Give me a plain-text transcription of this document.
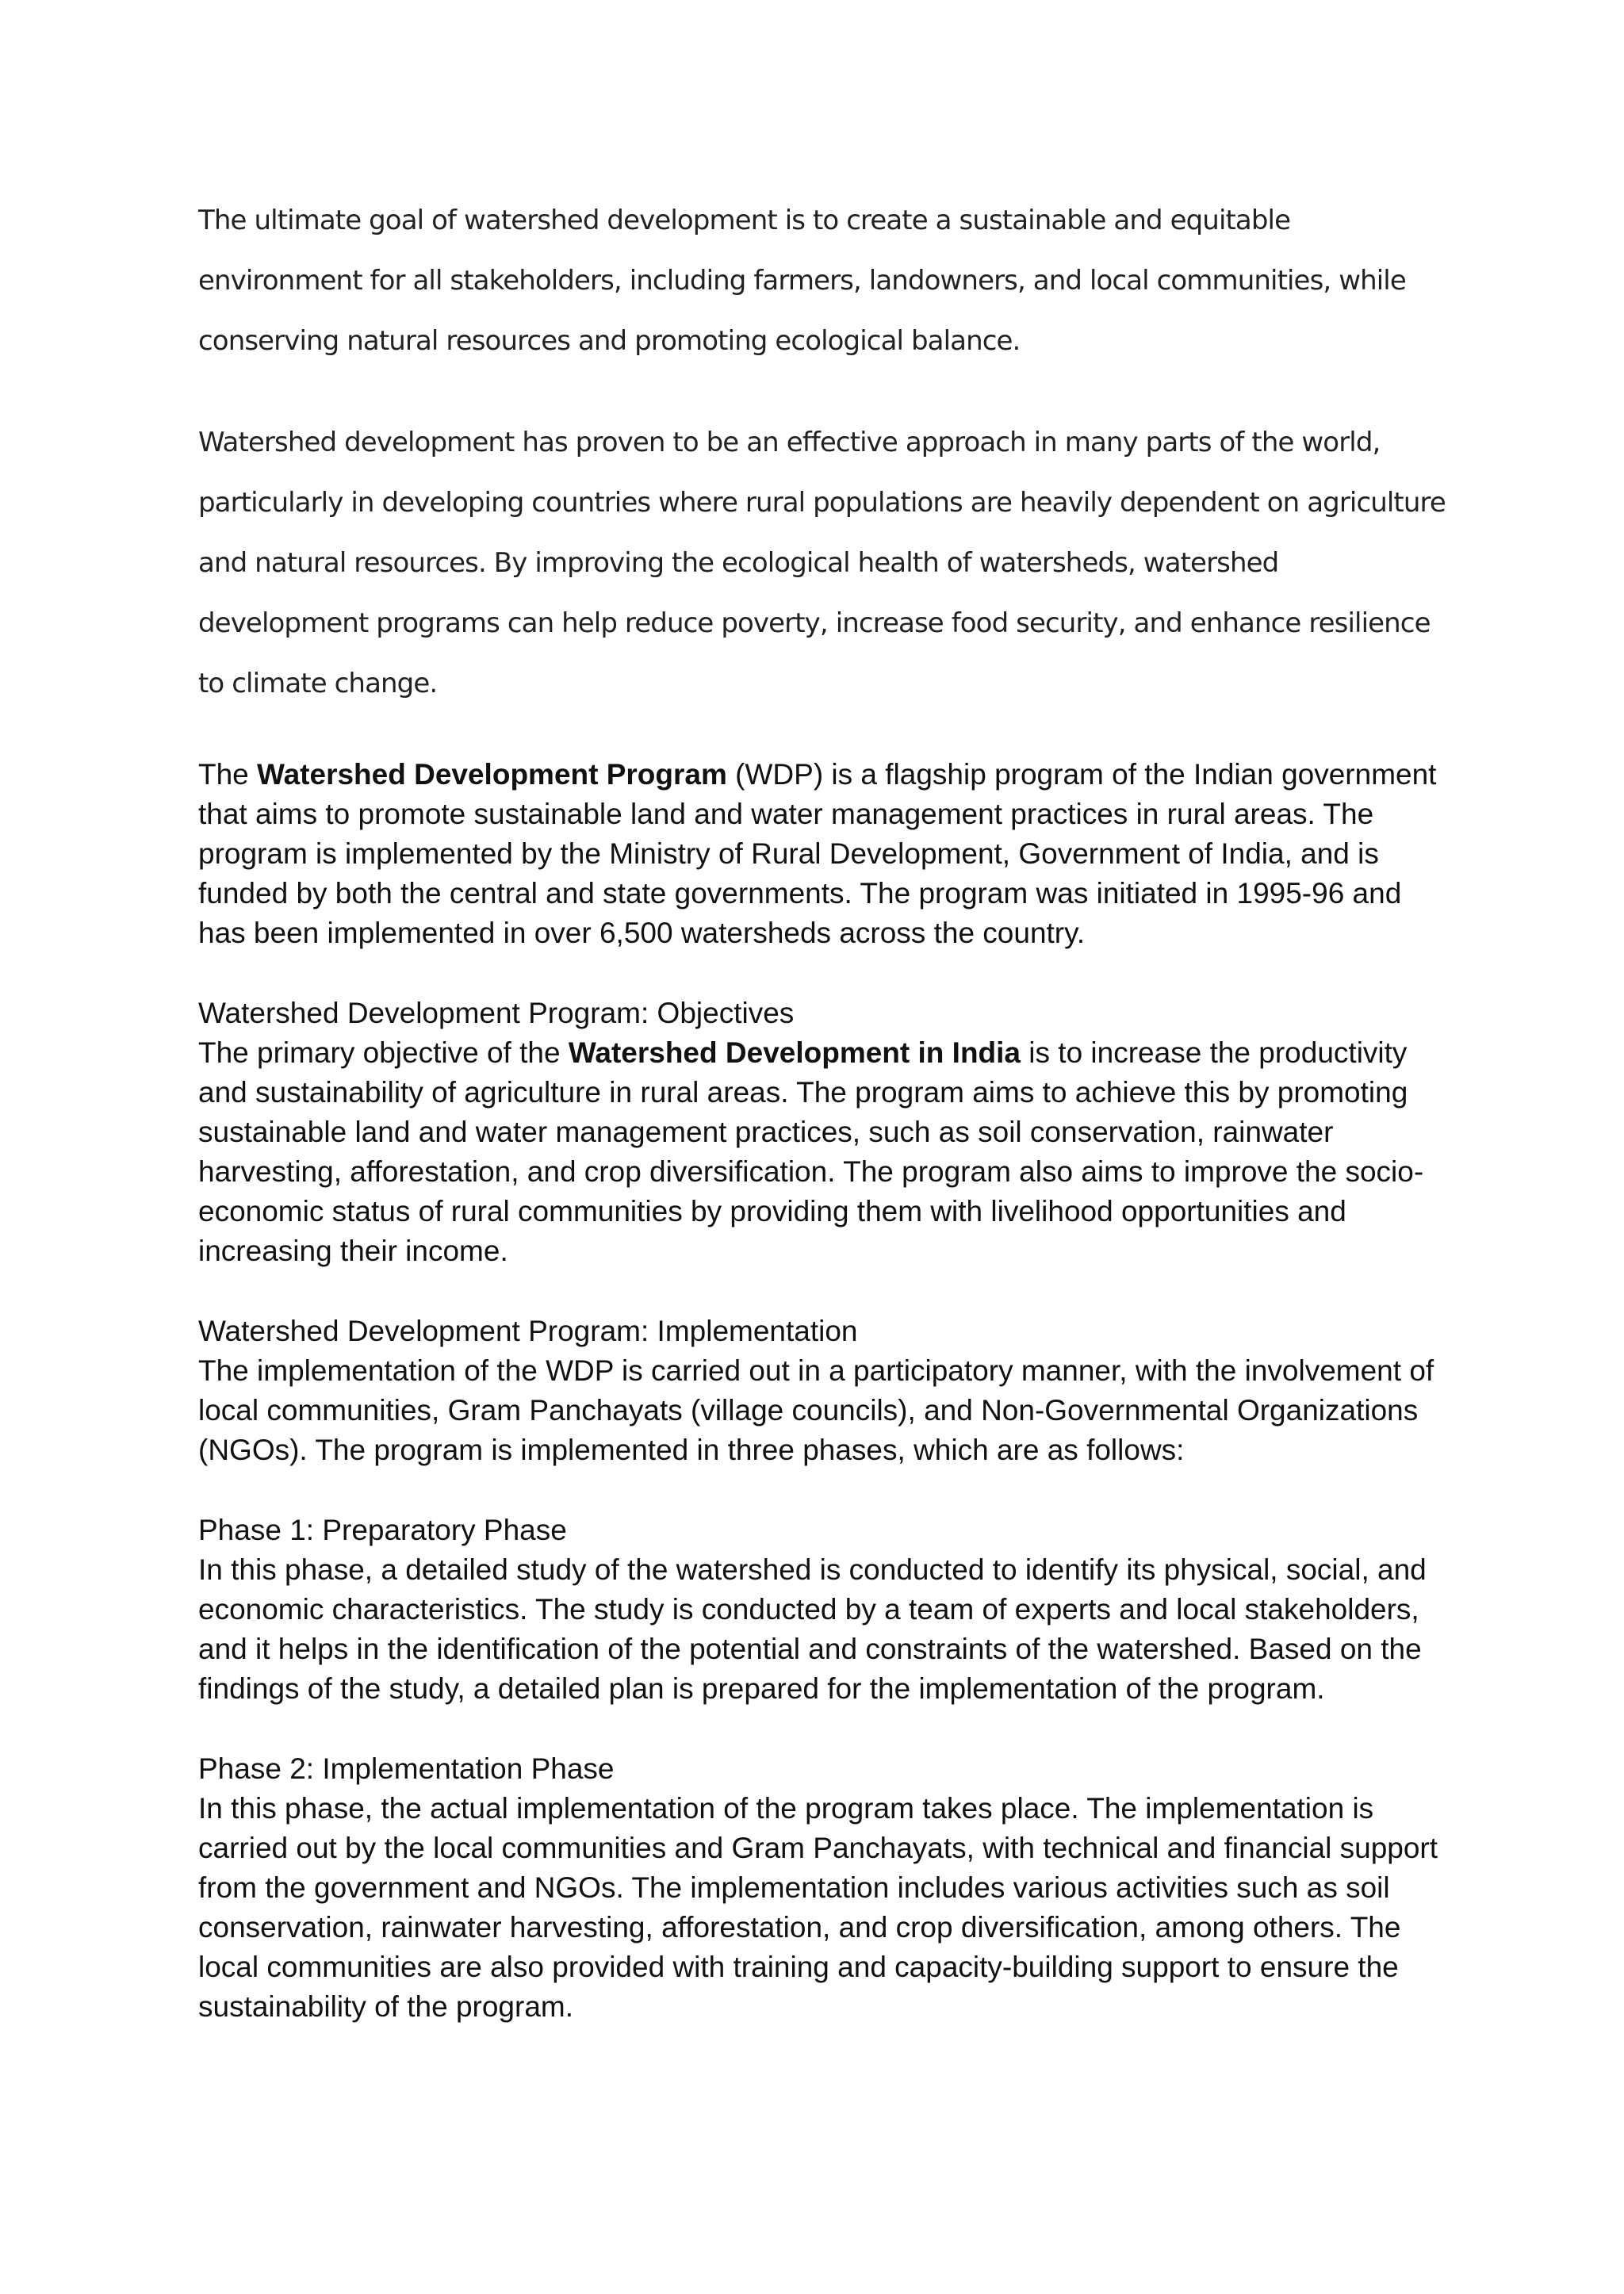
The ultimate goal of watershed development is to create a sustainable and equitable environment for all stakeholders, including farmers, landowners, and local communities, while conserving natural resources and promoting ecological balance.

Watershed development has proven to be an effective approach in many parts of the world, particularly in developing countries where rural populations are heavily dependent on agriculture and natural resources. By improving the ecological health of watersheds, watershed development programs can help reduce poverty, increase food security, and enhance resilience to climate change.

The Watershed Development Program (WDP) is a flagship program of the Indian government that aims to promote sustainable land and water management practices in rural areas. The program is implemented by the Ministry of Rural Development, Government of India, and is funded by both the central and state governments. The program was initiated in 1995-96 and has been implemented in over 6,500 watersheds across the country.

Watershed Development Program: Objectives

The primary objective of the Watershed Development in India is to increase the productivity and sustainability of agriculture in rural areas. The program aims to achieve this by promoting sustainable land and water management practices, such as soil conservation, rainwater harvesting, afforestation, and crop diversification. The program also aims to improve the socio-economic status of rural communities by providing them with livelihood opportunities and increasing their income.

Watershed Development Program: Implementation

The implementation of the WDP is carried out in a participatory manner, with the involvement of local communities, Gram Panchayats (village councils), and Non-Governmental Organizations (NGOs). The program is implemented in three phases, which are as follows:

Phase 1: Preparatory Phase

In this phase, a detailed study of the watershed is conducted to identify its physical, social, and economic characteristics. The study is conducted by a team of experts and local stakeholders, and it helps in the identification of the potential and constraints of the watershed. Based on the findings of the study, a detailed plan is prepared for the implementation of the program.

Phase 2: Implementation Phase

In this phase, the actual implementation of the program takes place. The implementation is carried out by the local communities and Gram Panchayats, with technical and financial support from the government and NGOs. The implementation includes various activities such as soil conservation, rainwater harvesting, afforestation, and crop diversification, among others. The local communities are also provided with training and capacity-building support to ensure the sustainability of the program.
